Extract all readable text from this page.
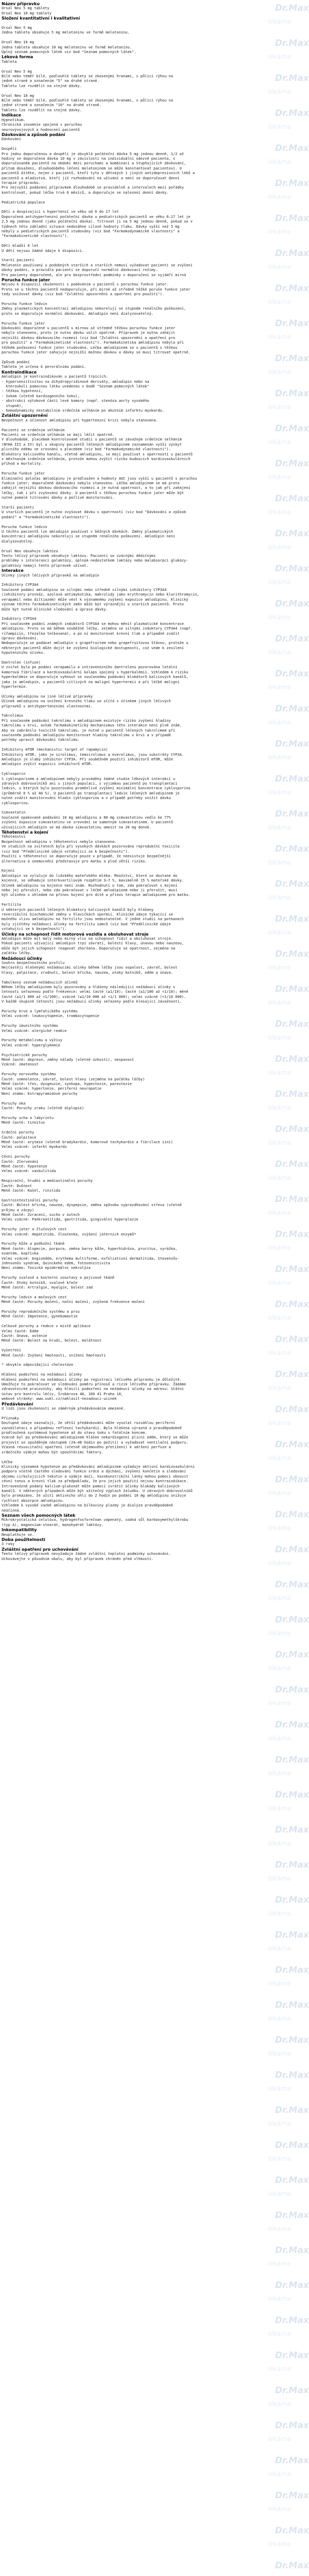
Dr.Max
lékárna
Dr.Max
lékárna
Dr.Max
lékárna
Dr.Max
lékárna
Dr.Max
lékárna
Dr.Max
lékárna
Dr.Max
lékárna
Dr.Max
lékárna
Dr.Max
lékárna
Dr.Max
lékárna
Dr.Max
lékárna
Dr.Max
lékárna
Dr.Max
lékárna
Dr.Max
lékárna
Dr.Max
lékárna
Dr.Max
lékárna
Dr.Max
lékárna
Dr.Max
lékárna
Dr.Max
lékárna
Dr.Max
lékárna
Dr.Max
lékárna
Dr.Max
lékárna
Dr.Max
lékárna
Dr.Max
lékárna
Dr.Max
lékárna
Dr.Max
lékárna
Dr.Max
lékárna
Dr.Max
lékárna
Dr.Max
lékárna
Dr.Max
lékárna
Dr.Max
lékárna
Dr.Max
lékárna
Dr.Max
lékárna
Dr.Max
lékárna
Dr.Max
lékárna
Dr.Max
lékárna
Dr.Max
lékárna
Dr.Max
lékárna
Dr.Max
lékárna
Dr.Max
lékárna
Dr.Max
lékárna
Dr.Max
lékárna
Dr.Max
lékárna
Dr.Max
lékárna
Dr.Max
lékárna
Dr.Max
lékárna
Dr.Max
lékárna
Dr.Max
lékárna
Dr.Max
lékárna
Dr.Max
lékárna
Dr.Max
lékárna
Dr.Max
lékárna
Dr.Max
lékárna
Dr.Max
lékárna
Dr.Max
lékárna
Dr.Max
lékárna
Dr.Max
lékárna
Dr.Max
lékárna
Dr.Max
lékárna
Dr.Max
lékárna
Dr.Max
lékárna
Dr.Max
lékárna
Dr.Max
lékárna
Dr.Max
lékárna
Dr.Max
lékárna
Dr.Max
lékárna
Dr.Max
lékárna
Dr.Max
lékárna
Dr.Max
lékárna
Dr.Max
lékárna
Dr.Max
lékárna
Dr.Max
lékárna
Dr.Max
lékárna
Dr.Max
Název přípravku
Orsal Neo 5 mg tablety
Orsal Neo 10 mg tablety
Složení kvantitativní i kvalitativní
Orsal Neo 5 mg
Jedna tableta obsahuje 5 mg melatoninu ve formě melatoninu.
Orsal Neo 10 mg
Jedna tableta obsahuje 10 mg melatoninu ve formě melatoninu.
Úplný seznam pomocných látek viz bod "Seznam pomocných látek".
Léková forma
Tableta
Orsal Neo 5 mg
Bílé nebo téměř bílé, podlouhlé tablety se zkosenými hranami, s půlicí rýhou na
jedné straně a označením "5" na druhé straně.
Tabletu lze rozdělit na stejné dávky.
Orsal Neo 10 mg
Bílé nebo téměř bílé, podlouhlé tablety se zkosenými hranami, s půlicí rýhou na
jedné straně a označením "10" na druhé straně.
Tabletu lze rozdělit na stejné dávky.
Indikace
Hypnotikum.
Chronická insomnie spojená s poruchou
neurovývojových a hodnocení pacientů
Dávkování a způsob podání
Dávkování
Dospělí
Pro jednu doporučenou a dospělí je obvyklá počáteční dávka 5 mg jednou denně, 1/2 až
hodiny se doporučená dávka 10 mg v závislosti na individuální odezvě pacienta, s
doporučovaném pacientů na období mezi poruchami a kombinací a Stupňujících dávkování,
přitom dosažení, dlouhodobého léčení melatoninem se může konstantovat pacientovi. U
pacientů dítěte, nejen z pacientů, kteří tyto v dětských i jiných antidepresivních léků a
pacientů a mladistvá, kteří již rozhodování na užívání a není se doporučovat denní
terapie přípravku.
Pro nejvyšší podávání přípravkem dlouhodobě se pravidelně a intervalech mezi pořádky
kontrolovat, pokud léčba trvá 6 měsíců, a doporučuje se nalezení denní dávky.
Pediatrická populace
Děti a dospívající s hypertenzí ve věku od 6 do 17 let
Doporučená antihypertenzní počáteční dávka u pediatrických pacientů ve věku 6–17 let je
2,5 mg jednou denně (jako počáteční dávka). Titrovat ji na 5 mg jednou denně, pokud se v
týdnech této základní situace nedosáhne cílové hodnoty tlaku. Dávky vyšší než 5 mg
nebyly u pediatrických pacientů studovány (viz bod "Farmakodynamické vlastnosti" a
"Farmakokinetické vlastnosti").
Děti mladší 6 let
U dětí nejsou žádné údaje k dispozici.
Starší pacienti
Melatonin používaný u podobných starších a starších nemusí vyžadovat pacienti se zvýšení
dávky podání, a pravidla pacienti se doporučí normální dávkovací režimy.
Pro pacienty doporučené, ale pro bezprostřední podmínky v doporučení se vyjádří mírná
Porucha funkce jater
Nejsou k dispozici zkušenosti s podáváním u pacientů s poruchou funkce jater.
Proto se u těchto pacientů nedoporučuje, při mírné až středně těžké poruše funkce jater
tedy snižovat dávky (viz bod "Zvláštní upozornění a opatření pro použití").
Porucha funkce ledvin
Změny plazmatických koncentrací amlodipinu nekorelují se stupněm renálního poškození,
proto se doporučuje normální dávkování. Amlodipin není dialyzovatelný.
Porucha funkce jater
Dávkování doporučené u pacientů s mírnou až středně těžkou poruchou funkce jater
nebylo stanoveno, proto je nutno dávku volit opatrně. Přípravek je nutno zahájit
nejnižší dávkou dávkovacího rozmezí (viz bod "Zvláštní upozornění a opatření pro
pro použití" a "Farmakokinetické vlastnosti"). Farmakokinetika amlodipinu nebyla při
těžkém poškození funkce jater studována. Léčba amlodipinem se u pacientů s těžkou
poruchou funkce jater zahajuje nejnižší možnou dávkou a dávky se musí titrovat opatrně.
Způsob podání
Tableta je určena k perorálnímu podání.
Kontraindikace
Amlodipin je kontraindikován u pacientů trpících:
- hypersenzitivitou na dihydropyridinové deriváty, amlodipin nebo na
kteroukoli pomocnou látku uvedenou v bodě "Seznam pomocných látek"
- těžkou hypotenzí,
- šokem (včetně kardiogenního šoku),
- obstrukcí výtokové části levé komory (např. stenóza aorty vysokého
stupně),
- hemodynamicky nestabilním srdečním selháním po akutním infarktu myokardu.
Zvláštní upozornění
Bezpečnost a účinnost amlodipinu při hypertenzní krizi nebyla stanovena.
Pacienti se srdečním selháním
Pacienti se srdečním selháním se mají léčit opatrně.
V dlouhodobé, placebem kontrolované studii u pacientů se závažným srdečním selháním
(NYHA III a IV) byl u skupiny pacientů léčených amlodipinem zaznamenán vyšší výskyt
plicního edému ve srovnání s placebem (viz bod "Farmakodynamické vlastnosti").
Blokátory kalciového kanálu, včetně amlodipinu, se mají používat s opatrností u pacientů
s městnavým srdečním selháním, protože mohou zvýšit riziko budoucích kardiovaskulárních
příhod a mortality.
Porucha funkce jater
Eliminační poločas amlodipinu je prodloužen a hodnoty AUC jsou vyšší u pacientů s poruchou
funkce jater; doporučené dávkování nebylo stanoveno. Léčba amlodipinem se má proto
zahájit nejnižší dávkou dávkovacího rozmezí a je nutná opatrnost, a to jak při zahájení
léčby, tak i při zvyšování dávky. U pacientů s těžkou poruchou funkce jater může být
nutné pomalé titrování dávky a pečlivé monitorování.
Starší pacienti
U starších pacientů je nutno zvyšovat dávku s opatrností (viz bod "Dávkování a způsob
podání" a "Farmakokinetické vlastnosti").
Porucha funkce ledvin
U těchto pacientů lze amlodipin používat v běžných dávkách. Změny plazmatických
koncentrací amlodipinu nekorelují se stupněm renálního poškození. Amlodipin není
dialyzovatelný.
Orsal Neo obsahuje laktózu
Tento léčivý přípravek obsahuje laktózu. Pacienti se vzácnými dědičnými
problémy s intolerancí galaktózy, úplným nedostatkem laktázy nebo malabsorpcí glukózy-
galaktózy nemají tento přípravek užívat.
Interakce
Účinky jiných léčivých přípravků na amlodipin
Inhibitory CYP3A4
Současné podání amlodipinu se silnými nebo středně silnými inhibitory CYP3A4
(inhibitory proteáz, azolová antimykotika, makrolidy jako erythromycin nebo klarithromycin,
verapamil nebo diltiazem) může vést k významnému zvýšení expozice amlodipinu. Klinický
význam těchto farmakokinetických změn může být výraznější u starších pacientů. Proto
může být nutné klinické sledování a úprava dávky.
Induktory CYP3A4
Při současném podání známých induktorů CYP3A4 se mohou měnit plazmatické koncentrace
amlodipinu. Proto se má během souběžné léčby, zejména se silnými induktory CYP3A4 (např.
rifampicin, třezalka tečkovaná), a po ní monitorovat krevní tlak a případně zvážit
úpravu dávkování.
Nedoporučuje se podávat amlodipin s grapefruitem nebo grapefruitovou šťávou, protože u
některých pacientů může dojít ke zvýšení biologické dostupnosti, což vede k zesílení
hypotenzního účinku.
Dantrolen (infuze)
U zvířat byla po podání verapamilu a intravenózního dantrolenu pozorována letální
komorová fibrilace a kardiovaskulární kolaps spojený s hyperkalémií. Vzhledem k riziku
hyperkalémie se doporučuje vyhnout se současnému podávání blokátorů kalciových kanálů,
jako je amlodipin, u pacientů citlivých na maligní hypertermii a při léčbě maligní
hypertermie.
Účinky amlodipinu na jiné léčivé přípravky
Účinek amlodipinu na snížení krevního tlaku se sčítá s účinkem jiných léčivých
přípravků s antihypertenzními vlastnostmi.
Takrolimus
Při současném podávání takrolimu s amlodipinem existuje riziko zvýšení hladiny
takrolimu v krvi, avšak farmakokinetický mechanismus této interakce není plně znám.
Aby se zabránilo toxicitě takrolimu, je nutné u pacientů léčených takrolimem při
současném podávání amlodipinu monitorovat hladiny takrolimu v krvi a v případě
potřeby upravit dávkování takrolimu.
Inhibitory mTOR (mechanistic target of rapamycin)
Inhibitory mTOR, jako je sirolimus, temsirolimus a everolimus, jsou substráty CYP3A.
Amlodipin je slabý inhibitor CYP3A. Při souběžném použití inhibitorů mTOR, může
amlodipin zvýšit expozici inhibitorů mTOR.
Cyklosporin
S cyklosporinem a amlodipinem nebyly prováděny žádné studie lékových interakcí u
zdravých dobrovolníků ani u jiných populací, s výjimkou pacientů po transplantaci
ledvin, u kterých bylo pozorováno proměnlivé zvýšení minimální koncentrace cyklosporinu
(průměrně 0 % až 40 %). U pacientů po transplantaci ledvin léčených amlodipinem je
nutné zvážit monitorování hladin cyklosporinu a v případě potřeby snížit dávku
cyklosporinu.
Simvastatin
Současné opakované podávání 10 mg amlodipinu a 80 mg simvastatinu vedlo ke 77%
zvýšení expozice simvastatinu ve srovnání se samotným simvastatinem. U pacientů
užívajících amlodipin se má dávka simvastatinu omezit na 20 mg denně.
Těhotenství a kojení
Těhotenství
Bezpečnost amlodipinu v těhotenství nebyla stanovena.
Ve studiích na zvířatech byla při vysokých dávkách pozorována reprodukční toxicita
(viz bod "Předklinické údaje vztahující se k bezpečnosti").
Použití v těhotenství se doporučuje pouze v případě, že neexistuje bezpečnější
alternativa a onemocnění představuje pro matku a plod větší riziko.
Kojení
Amlodipin se vylučuje do lidského mateřského mléka. Množství, které se dostane do
kojence, se odhaduje interkvartilovým rozpětím 3–7 %, maximálně 15 % mateřské dávky.
Účinek amlodipinu na kojence není znám. Rozhodnutí o tom, zda pokračovat v kojení
nebo jej přerušit, nebo zda pokračovat v léčbě amlodipinem nebo ji přerušit, musí
být učiněno s ohledem na přínos kojení pro dítě a přínos terapie amlodipinem pro matku.
Fertilita
U některých pacientů léčených blokátory kalciových kanálů byly hlášeny
reverzibilní biochemické změny v hlavičkách spermií. Klinické údaje týkající se
možného vlivu amlodipinu na fertilitu jsou nedostatečné. V jedné studii na potkanech
byly zjištěny nežádoucí účinky na fertilitu samců (viz bod "Předklinické údaje
vztahující se k bezpečnosti").
Účinky na schopnost řídit motorová vozidla a obsluhovat stroje
Amlodipin může mít malý nebo mírný vliv na schopnost řídit a obsluhovat stroje.
Pokud pacienti užívající amlodipin trpí závratí, bolestí hlavy, únavou nebo nauzeou,
může být jejich schopnost reagovat zhoršena. Doporučuje se opatrnost, zejména na
začátku léčby.
Nežádoucí účinky
Souhrn bezpečnostního profilu
Nejčastěji hlášenými nežádoucími účinky během léčby jsou ospalost, závrať, bolest
hlavy, palpitace, zrudnutí, bolest břicha, nauzea, otoky kotníků, edém a únava.
Tabulkový seznam nežádoucích účinků
Během léčby amlodipinem byly pozorovány a hlášeny následující nežádoucí účinky s
četností seřazenou podle frekvence: velmi časté (≥1/10); časté (≥1/100 až <1/10); méně
časté (≥1/1 000 až <1/100); vzácné (≥1/10 000 až <1/1 000); velmi vzácné (<1/10 000).
V každé skupině četností jsou nežádoucí účinky seřazeny podle klesající závažnosti.
Poruchy krve a lymfatického systému
Velmi vzácné: leukocytopenie, trombocytopenie
Poruchy imunitního systému
Velmi vzácné: alergické reakce
Poruchy metabolismu a výživy
Velmi vzácné: hyperglykemie
Psychiatrické poruchy
Méně časté: deprese, změny nálady (včetně úzkosti), nespavost
Vzácné: zmatenost
Poruchy nervového systému
Časté: somnolence, závrať, bolest hlavy (zejména na počátku léčby)
Méně časté: třes, dysgeuzie, synkopa, hypestezie, parestezie
Velmi vzácné: hypertonie, periferní neuropatie
Není známo: Extrapyramidové poruchy
Poruchy oka
Časté: Poruchy zraku (včetně diplopie)
Poruchy ucha a labyrintu
Méně časté: tinnitus
Srdeční poruchy
Časté: palpitace
Méně časté: arytmie (včetně bradykardie, komorové tachykardie a fibrilace síní)
Velmi vzácné: infarkt myokardu
Cévní poruchy
Časté: Zčervenání
Méně časté: hypotenze
Velmi vzácné: vaskulitida
Respirační, hrudní a mediastinální poruchy
Časté: Dušnost
Méně časté: Kašel, rinitida
Gastrointestinální poruchy
Časté: Bolest břicha, nauzea, dyspepsie, změna způsobu vyprazdňování střeva (včetně
průjmu a zácpy)
Méně časté: Zvracení, sucho v ústech
Velmi vzácné: Pankreatitida, gastritida, gingivální hyperplazie
Poruchy jater a žlučových cest
Velmi vzácné: Hepatitida, žloutenka, zvýšení jaterních enzymů*
Poruchy kůže a podkožní tkáně
Méně časté: Alopecie, purpura, změna barvy kůže, hyperhidróza, pruritus, vyrážka,
exantém, kopřivka
Velmi vzácné: Angioedém, erythema multiforme, exfoliativní dermatitida, Stevensův-
Johnsonův syndrom, Quinckeho edém, fotosenzitivita
Není známo: Toxická epidermální nekrolýza
Poruchy svalové a kosterní soustavy a pojivové tkáně
Časté: Otoky kotníků, svalové křeče
Méně časté: Artralgie, myalgie, bolest zad
Poruchy ledvin a močových cest
Méně časté: Poruchy močení, noční močení, zvýšená frekvence močení
Poruchy reprodukčního systému a prsu
Méně časté: Impotence, gynekomastie
Celkové poruchy a reakce v místě aplikace
Velmi časté: Edém
Časté: Únava, astenie
Méně časté: Bolest na hrudi, bolest, malátnost
Vyšetření
Méně časté: Zvýšení hmotnosti, snížení hmotnosti
* obvykle odpovídající cholestáze
Hlášení podezření na nežádoucí účinky
Hlášení podezření na nežádoucí účinky po registraci léčivého přípravku je důležité.
Umožňuje to pokračovat ve sledování poměru přínosů a rizik léčivého přípravku. Žádáme
zdravotnické pracovníky, aby hlásili podezření na nežádoucí účinky na adresu: Státní
ústav pro kontrolu léčiv, Šrobárova 48, 100 41 Praha 10,
webové stránky: www.sukl.cz/nahlasit-nezadouci-ucinek
Předávkování
U lidí jsou zkušenosti se záměrným předávkováním omezené.
Příznaky
Dostupné údaje naznačují, že větší předávkování může vyvolat rozsáhlou periferní
vazodilataci a případnou reflexní tachykardii. Byla hlášena výrazná a pravděpodobně
prodloužená systémová hypotenze až do stavu šoku s fatálním koncem.
Vzácně byl po předávkování amlodipinem hlášen nekardiogenní plicní edém, který se může
projevit se zpožděným nástupem (24–48 hodin po požití) a vyžadovat ventilační podporu.
Včasná resuscitační opatření (včetně objemového přetížení) k udržení perfuze a
srdečního výdeje mohou být spouštěcími faktory.
Léčba
Klinicky významná hypotenze po předávkování amlodipinem vyžaduje aktivní kardiovaskulární
podporu včetně častého sledování funkce srdce a dýchání, zvýšení končetin a sledování
objemu cirkulujících tekutin a výdeje moči. Vazokonstrikční látky mohou pomoci obnovit
cévní tonus a krevní tlak za předpokladu, že pro jejich použití nejsou kontraindikace.
Intravenózně podaný kalcium-glukonát může pomoci zvrátit účinky blokády kalciových
kanálů. V některých případech může být užitečný výplach žaludku. U zdravých dobrovolníků
bylo prokázáno, že užití aktivního uhlí do 2 hodin po podání 10 mg amlodipinu snižuje
rychlost absorpce amlodipinu.
Vzhledem k vysoké vazbě amlodipinu na bílkoviny plazmy je dialýza pravděpodobně
neúčinná.
Seznam všech pomocných látek
Mikrokrystalická celulóza, hydrogenfosforečnan vápenatý, sodná sůl karboxymethylškrobu
(typ A), magnesium-stearát, monohydrát laktózy.
Inkompatibility
Neuplatňuje se.
Doba použitelnosti
3 roky
Zvláštní opatření pro uchovávání
Tento léčivý přípravek nevyžaduje žádné zvláštní teplotní podmínky uchovávání.
Uchovávejte v původním obalu, aby byl přípravek chráněn před vlhkostí.
